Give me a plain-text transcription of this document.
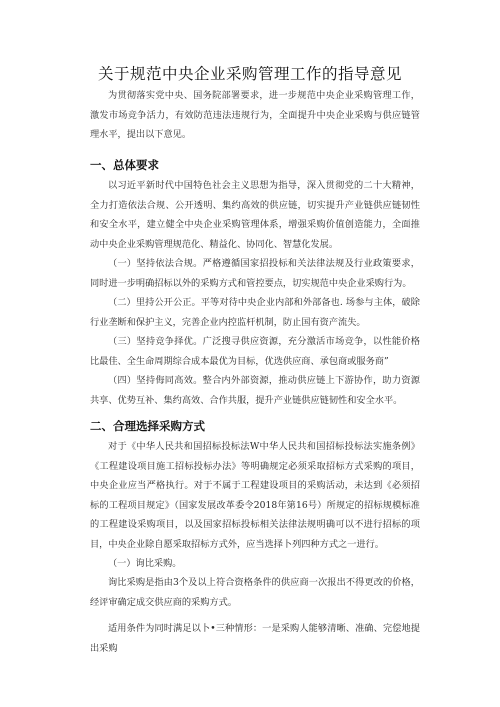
关于规范中央企业采购管理工作的指导意见

为贯彻落实党中央、国务院部署要求，进一步规范中央企业采购管理工作，激发市场竞争活力，有效防范违法违规行为，全面提升中央企业采购与供应链管理水平，提出以下意见。

一、总体要求

以习近平新时代中国特色社会主义思想为指导，深入贯彻党的二十大精神，全力打造依法合规、公开透明、集约高效的供应链，切实提升产业链供应链韧性和安全水平，建立健全中央企业采购管理体系，增强采购价值创造能力，全面推动中央企业采购管理规范化、精益化、协同化、智慧化发展。

（一）坚持依法合规。严格遵循国家招投标和关法律法规及行业政策要求，同时进一步明确招标以外的采购方式和管控要点，切实规范中央企业采购行为。

（二）里持公开公正。平等对待中央企业内部和外部备也. 场参与主体，破除行业垄断和保护主义，完善企业内控监杆机制，防止国有资产流失。

（三）坚持竞争择优。广泛搜寻供应资源，充分激活市场竞争，以性能价格比最佳、全生命周期综合成本最优为目标，优选供应商、承包商或服务商”

（四）坚持侮同高效。整合内外部资源，推动供应链上下游协作，助力资源共享、优势互补、集约高效、合作共服，提升产业链供应链韧性和安全水平。

二、合理选择采购方式

对于《中华人民共和国招标投标法W中华人民共和国招标投标法实施条例》《工程建设项目施工招标投标办法》等明确规定必须采取招标方式采购的项目，中央企业应当严格执行。对于不属于工程建设项目的采购活动，未达到《必须招标的工程项目规定》（国家发展改革委令2018年第16号）所规定的招标规模标准的工程建设采购项目，以及国家招标投标相关法律法规明确可以不进行招标的项目，中央企业除自愿采取招标方式外，应当选择卜列四种方式之一进行。

（一）询比采购。

询比采购是指由3个及以上符合资格条件的供应商一次报出不得更改的价格，经评审确定成交供应商的采购方式。

适用条件为同时满足以卜•三种情形：一是采购人能够清晰、准确、完偿地提出采购
